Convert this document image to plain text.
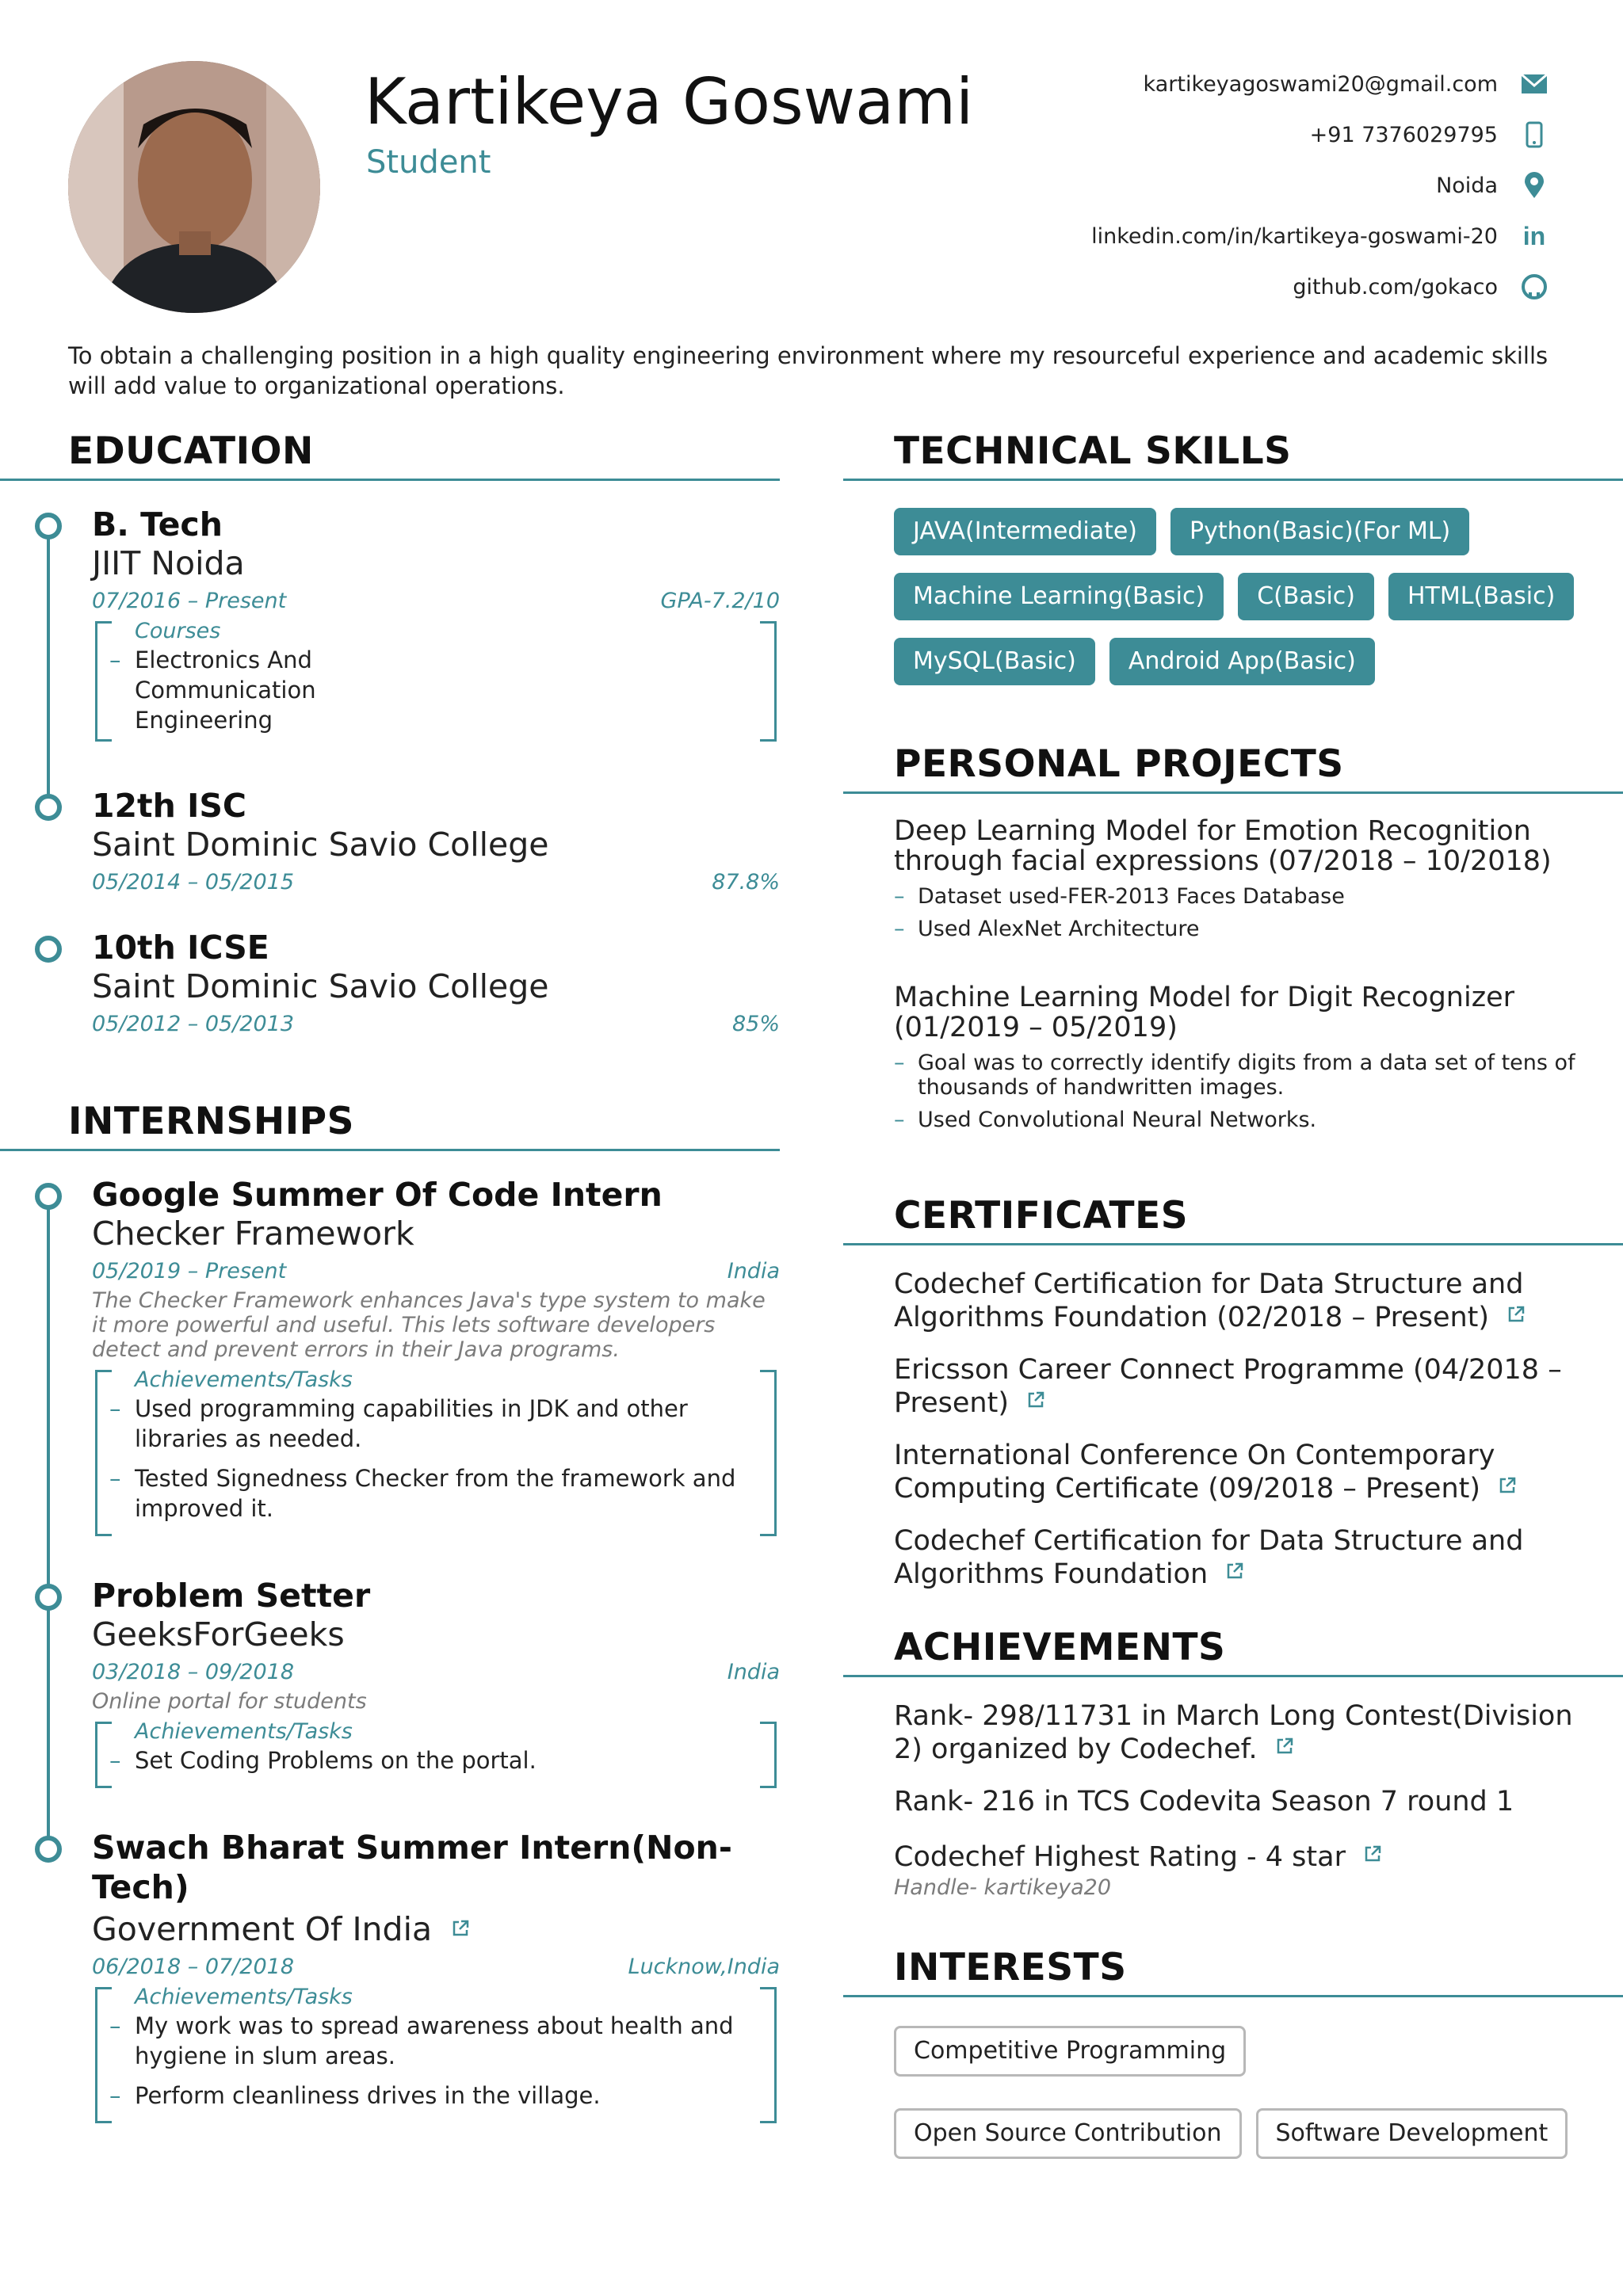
Kartikeya Goswami
Student
kartikeyagoswami20@gmail.com
+91 7376029795
Noida
linkedin.com/in/kartikeya-goswami-20 in
github.com/gokaco
To obtain a challenging position in a high quality engineering environment where my resourceful experience and academic skills will add value to organizational operations.
EDUCATION
B. Tech
JIIT Noida
07/2016 – Present	GPA-7.2/10
Courses
– Electronics And Communication Engineering
12th ISC
Saint Dominic Savio College
05/2014 – 05/2015	87.8%
10th ICSE
Saint Dominic Savio College
05/2012 – 05/2013	85%
INTERNSHIPS
Google Summer Of Code Intern
Checker Framework
05/2019 – Present	India
The Checker Framework enhances Java's type system to make it more powerful and useful. This lets software developers detect and prevent errors in their Java programs.
Achievements/Tasks
– Used programming capabilities in JDK and other libraries as needed.
– Tested Signedness Checker from the framework and improved it.
Problem Setter
GeeksForGeeks
03/2018 – 09/2018	India
Online portal for students
Achievements/Tasks
– Set Coding Problems on the portal.
Swach Bharat Summer Intern(Non-Tech)
Government Of India
06/2018 – 07/2018	Lucknow,India
Achievements/Tasks
– My work was to spread awareness about health and hygiene in slum areas.
– Perform cleanliness drives in the village.
TECHNICAL SKILLS
JAVA(Intermediate)	Python(Basic)(For ML)
Machine Learning(Basic)	C(Basic)	HTML(Basic)
MySQL(Basic)	Android App(Basic)
PERSONAL PROJECTS
Deep Learning Model for Emotion Recognition through facial expressions (07/2018 – 10/2018)
– Dataset used-FER-2013 Faces Database
– Used AlexNet Architecture
Machine Learning Model for Digit Recognizer (01/2019 – 05/2019)
– Goal was to correctly identify digits from a data set of tens of thousands of handwritten images.
– Used Convolutional Neural Networks.
CERTIFICATES
Codechef Certification for Data Structure and Algorithms Foundation (02/2018 – Present)
Ericsson Career Connect Programme (04/2018 – Present)
International Conference On Contemporary Computing Certificate (09/2018 – Present)
Codechef Certification for Data Structure and Algorithms Foundation
ACHIEVEMENTS
Rank- 298/11731 in March Long Contest(Division 2) organized by Codechef.
Rank- 216 in TCS Codevita Season 7 round 1
Codechef Highest Rating - 4 star
Handle- kartikeya20
INTERESTS
Competitive Programming
Open Source Contribution	Software Development
